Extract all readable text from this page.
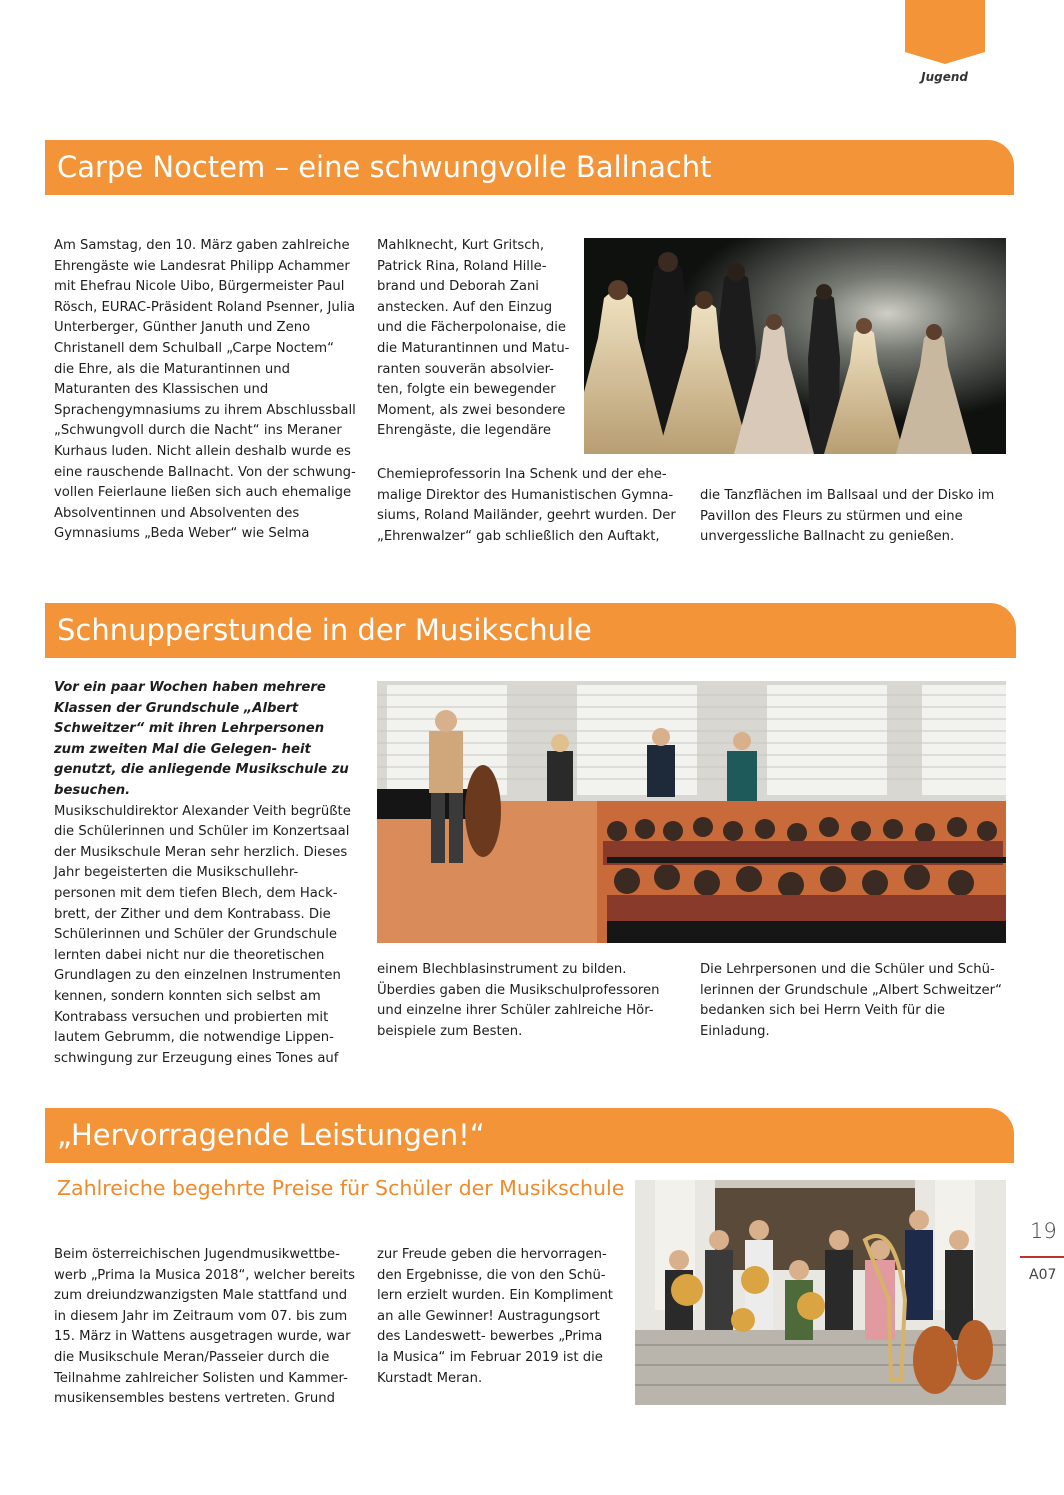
Jugend
Carpe Noctem – eine schwungvolle Ballnacht

Am Samstag, den 10. März gaben zahlreiche Ehrengäste wie Landesrat Philipp Achammer mit Ehefrau Nicole Uibo, Bürgermeister Paul Rösch, EURAC-Präsident Roland Psenner, Julia Unterberger, Günther Januth und Zeno Christanell dem Schulball „Carpe Noctem“ die Ehre, als die Maturantinnen und Maturanten des Klassischen und Sprachengymnasiums zu ihrem Abschlussball „Schwungvoll durch die Nacht“ ins Meraner Kurhaus luden. Nicht allein deshalb wurde es eine rauschende Ballnacht. Von der schwung- vollen Feierlaune ließen sich auch ehemalige Absolventinnen und Absolventen des Gymnasiums „Beda Weber“ wie Selma

Mahlknecht, Kurt Gritsch, Patrick Rina, Roland Hille- brand und Deborah Zani anstecken. Auf den Einzug und die Fächerpolonaise, die die Maturantinnen und Matu- ranten souverän absolvier- ten, folgte ein bewegender Moment, als zwei besondere Ehrengäste, die legendäre

Chemieprofessorin Ina Schenk und der ehe- malige Direktor des Humanistischen Gymna- siums, Roland Mailänder, geehrt wurden. Der „Ehrenwalzer“ gab schließlich den Auftakt,

die Tanzflächen im Ballsaal und der Disko im Pavillon des Fleurs zu stürmen und eine unvergessliche Ballnacht zu genießen.

Schnupperstunde in der Musikschule

Vor ein paar Wochen haben mehrere Klassen der Grundschule „Albert Schweitzer“ mit ihren Lehrpersonen zum zweiten Mal die Gelegen- heit genutzt, die anliegende Musikschule zu besuchen.

Musikschuldirektor Alexander Veith begrüßte die Schülerinnen und Schüler im Konzertsaal der Musikschule Meran sehr herzlich. Dieses Jahr begeisterten die Musikschullehr- personen mit dem tiefen Blech, dem Hack- brett, der Zither und dem Kontrabass. Die Schülerinnen und Schüler der Grundschule lernten dabei nicht nur die theoretischen Grundlagen zu den einzelnen Instrumenten kennen, sondern konnten sich selbst am Kontrabass versuchen und probierten mit lautem Gebrumm, die notwendige Lippen- schwingung zur Erzeugung eines Tones auf

einem Blechblasinstrument zu bilden. Überdies gaben die Musikschulprofessoren und einzelne ihrer Schüler zahlreiche Hör- beispiele zum Besten.

Die Lehrpersonen und die Schüler und Schü- lerinnen der Grundschule „Albert Schweitzer“ bedanken sich bei Herrn Veith für die Einladung.

„Hervorragende Leistungen!“
Zahlreiche begehrte Preise für Schüler der Musikschule

Beim österreichischen Jugendmusikwettbe- werb „Prima la Musica 2018“, welcher bereits zum dreiundzwanzigsten Male stattfand und in diesem Jahr im Zeitraum vom 07. bis zum 15. März in Wattens ausgetragen wurde, war die Musikschule Meran/Passeier durch die Teilnahme zahlreicher Solisten und Kammer- musikensembles bestens vertreten. Grund

zur Freude geben die hervorragen- den Ergebnisse, die von den Schü- lern erzielt wurden. Ein Kompliment an alle Gewinner! Austragungsort des Landeswett- bewerbes „Prima la Musica“ im Februar 2019 ist die Kurstadt Meran.

19
A07
